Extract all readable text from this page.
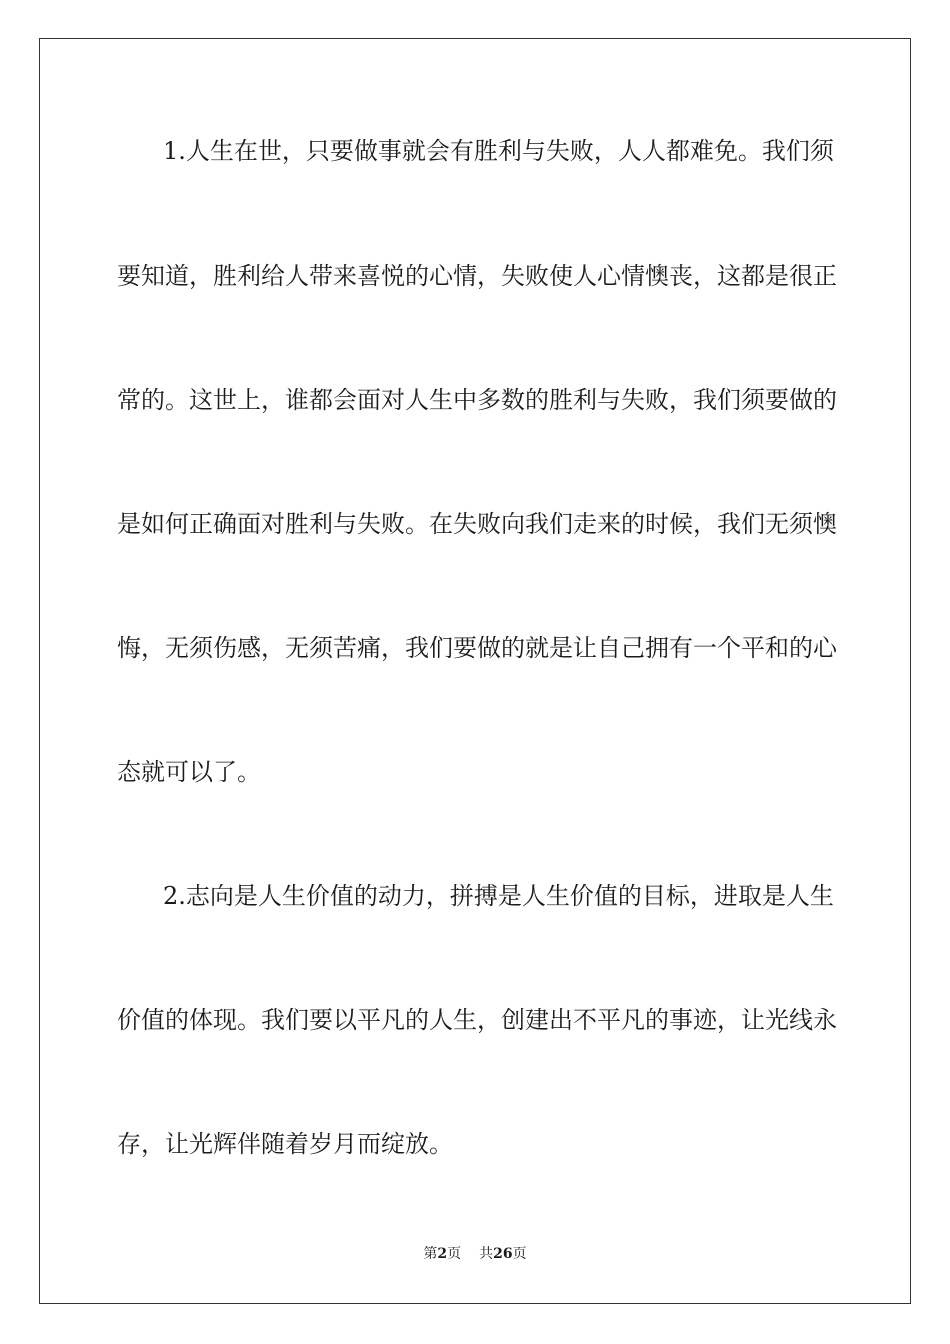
1.人生在世，只要做事就会有胜利与失败，人人都难免。我们须
要知道，胜利给人带来喜悦的心情，失败使人心情懊丧，这都是很正
常的。这世上，谁都会面对人生中多数的胜利与失败，我们须要做的
是如何正确面对胜利与失败。在失败向我们走来的时候，我们无须懊
悔，无须伤感，无须苦痛，我们要做的就是让自己拥有一个平和的心
态就可以了。
2.志向是人生价值的动力，拼搏是人生价值的目标，进取是人生
价值的体现。我们要以平凡的人生，创建出不平凡的事迹，让光线永
存，让光辉伴随着岁月而绽放。
第2页 共26页
